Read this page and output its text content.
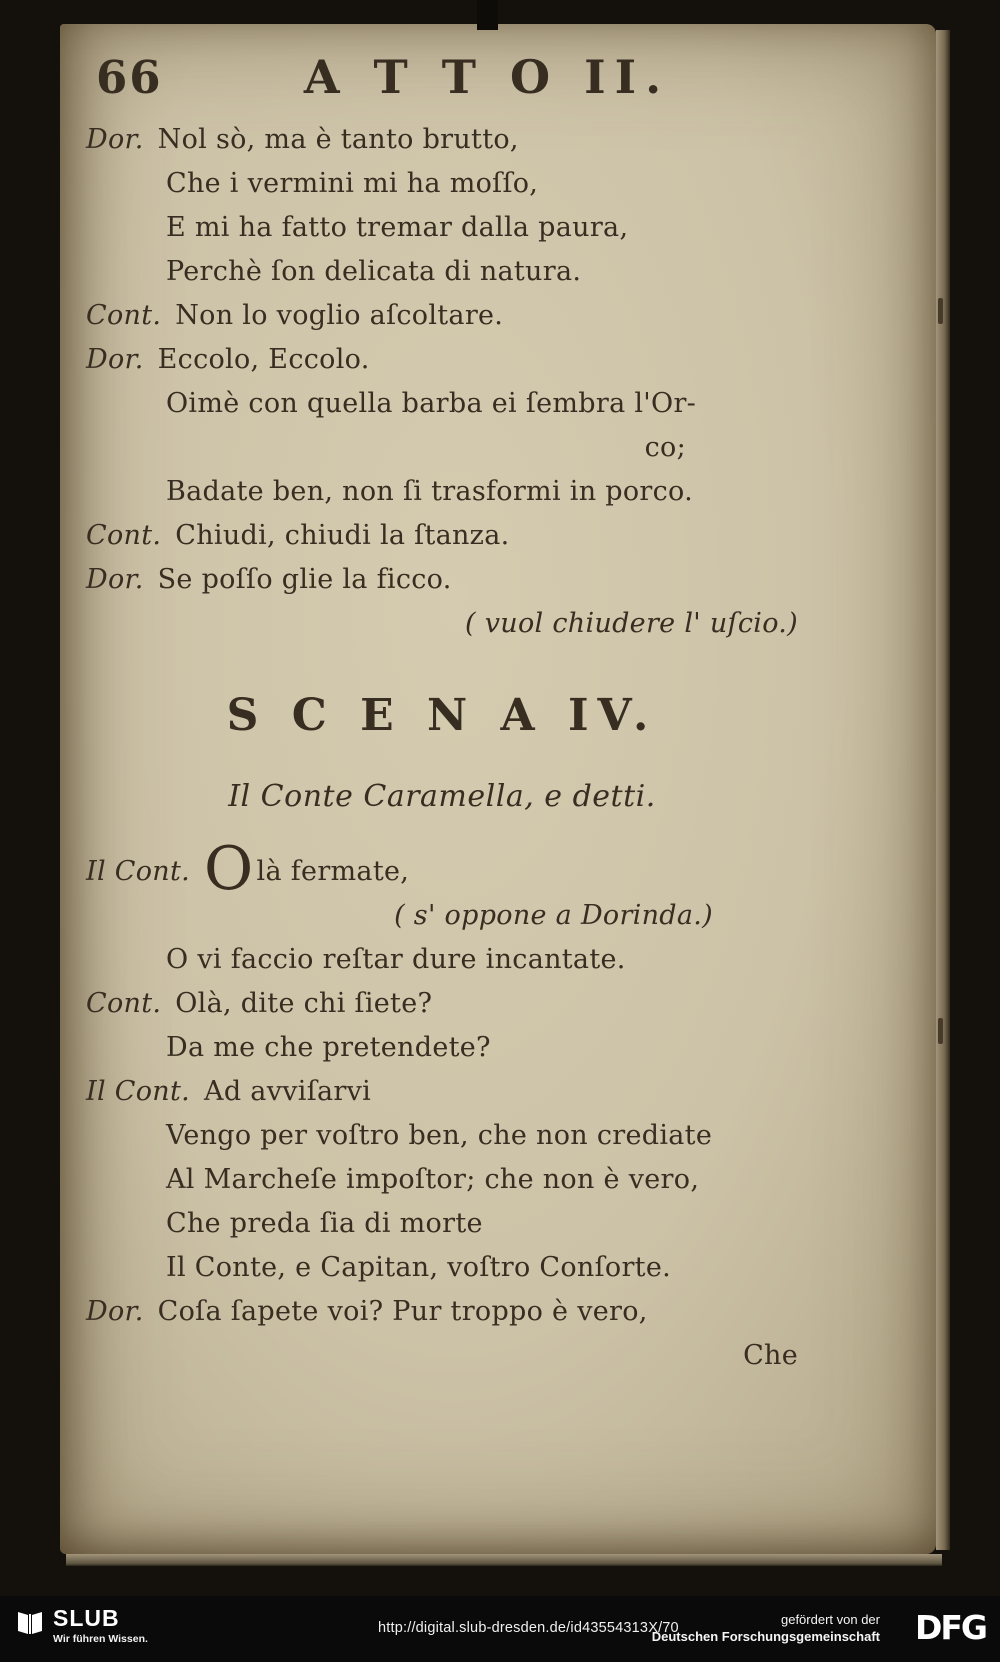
66	A T T O II.
Dor. Nol sò, ma è tanto brutto,
Che i vermini mi ha moſſo,
E mi ha fatto tremar dalla paura,
Perchè ſon delicata di natura.
Cont. Non lo voglio aſcoltare.
Dor. Eccolo, Eccolo.
Oimè con quella barba ei ſembra l'Or-
co;
Badate ben, non ſi trasformi in porco.
Cont. Chiudi, chiudi la ſtanza.
Dor. Se poſſo glie la ficco.
( vuol chiudere l' uſcio.)
S C E N A IV.
Il Conte Caramella, e detti.
Il Cont. O là fermate,
( s' oppone a Dorinda.)
O vi faccio reſtar dure incantate.
Cont. Olà, dite chi ſiete?
Da me che pretendete?
Il Cont. Ad avviſarvi
Vengo per voſtro ben, che non crediate
Al Marcheſe impoſtor; che non è vero,
Che preda ſia di morte
Il Conte, e Capitan, voſtro Conſorte.
Dor. Coſa ſapete voi? Pur troppo è vero,
Che
SLUB
Wir führen Wissen.
http://digital.slub-dresden.de/id43554313X/70
gefördert von der
Deutschen Forschungsgemeinschaft DFG
